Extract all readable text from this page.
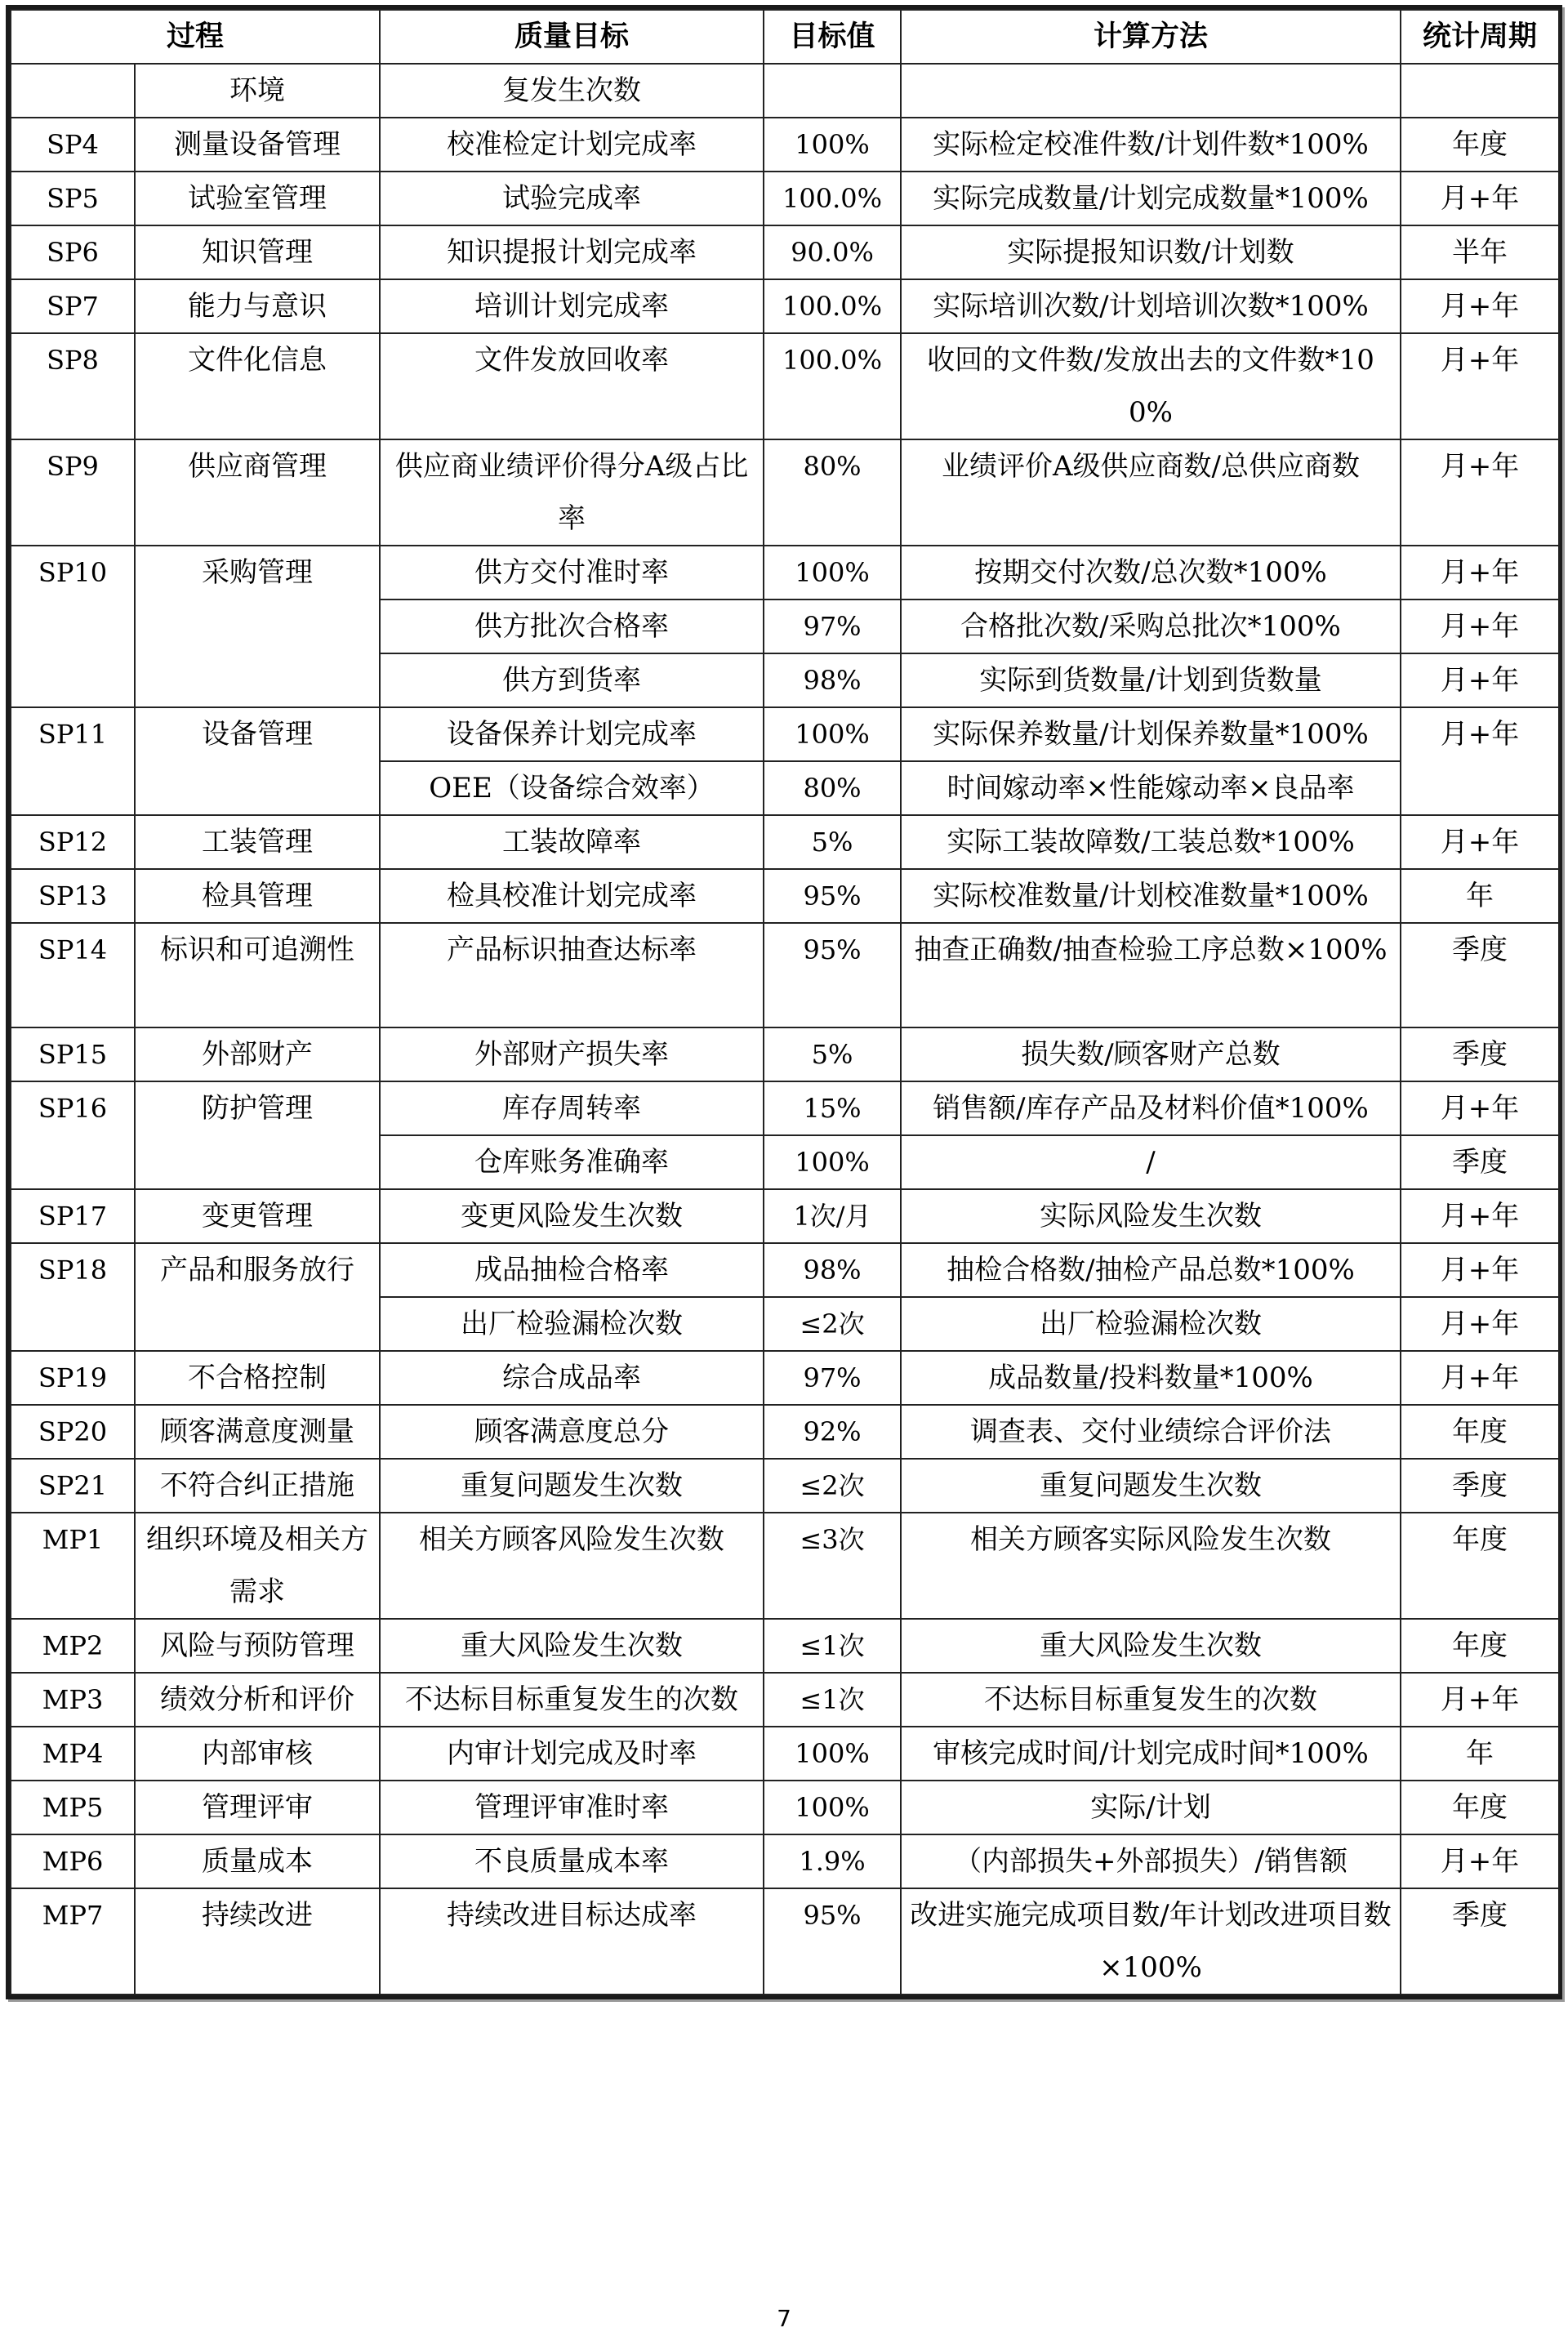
过程		质量目标	目标值	计算方法	统计周期
	环境	复发生次数			
SP4	测量设备管理	校准检定计划完成率	100%	实际检定校准件数/计划件数*100%	年度
SP5	试验室管理	试验完成率	100.0%	实际完成数量/计划完成数量*100%	月+年
SP6	知识管理	知识提报计划完成率	90.0%	实际提报知识数/计划数	半年
SP7	能力与意识	培训计划完成率	100.0%	实际培训次数/计划培训次数*100%	月+年
SP8	文件化信息	文件发放回收率	100.0%	收回的文件数/发放出去的文件数*100%	月+年
SP9	供应商管理	供应商业绩评价得分A级占比率	80%	业绩评价A级供应商数/总供应商数	月+年
SP10	采购管理	供方交付准时率	100%	按期交付次数/总次数*100%	月+年
		供方批次合格率	97%	合格批次数/采购总批次*100%	月+年
		供方到货率	98%	实际到货数量/计划到货数量	月+年
SP11	设备管理	设备保养计划完成率	100%	实际保养数量/计划保养数量*100%	月+年
		OEE（设备综合效率）	80%	时间嫁动率×性能嫁动率×良品率	
SP12	工装管理	工装故障率	5%	实际工装故障数/工装总数*100%	月+年
SP13	检具管理	检具校准计划完成率	95%	实际校准数量/计划校准数量*100%	年
SP14	标识和可追溯性	产品标识抽查达标率	95%	抽查正确数/抽查检验工序总数×100%	季度
SP15	外部财产	外部财产损失率	5%	损失数/顾客财产总数	季度
SP16	防护管理	库存周转率	15%	销售额/库存产品及材料价值*100%	月+年
		仓库账务准确率	100%	/	季度
SP17	变更管理	变更风险发生次数	1次/月	实际风险发生次数	月+年
SP18	产品和服务放行	成品抽检合格率	98%	抽检合格数/抽检产品总数*100%	月+年
		出厂检验漏检次数	≤2次	出厂检验漏检次数	月+年
SP19	不合格控制	综合成品率	97%	成品数量/投料数量*100%	月+年
SP20	顾客满意度测量	顾客满意度总分	92%	调查表、交付业绩综合评价法	年度
SP21	不符合纠正措施	重复问题发生次数	≤2次	重复问题发生次数	季度
MP1	组织环境及相关方需求	相关方顾客风险发生次数	≤3次	相关方顾客实际风险发生次数	年度
MP2	风险与预防管理	重大风险发生次数	≤1次	重大风险发生次数	年度
MP3	绩效分析和评价	不达标目标重复发生的次数	≤1次	不达标目标重复发生的次数	月+年
MP4	内部审核	内审计划完成及时率	100%	审核完成时间/计划完成时间*100%	年
MP5	管理评审	管理评审准时率	100%	实际/计划	年度
MP6	质量成本	不良质量成本率	1.9%	（内部损失+外部损失）/销售额	月+年
MP7	持续改进	持续改进目标达成率	95%	改进实施完成项目数/年计划改进项目数×100%	季度
7
